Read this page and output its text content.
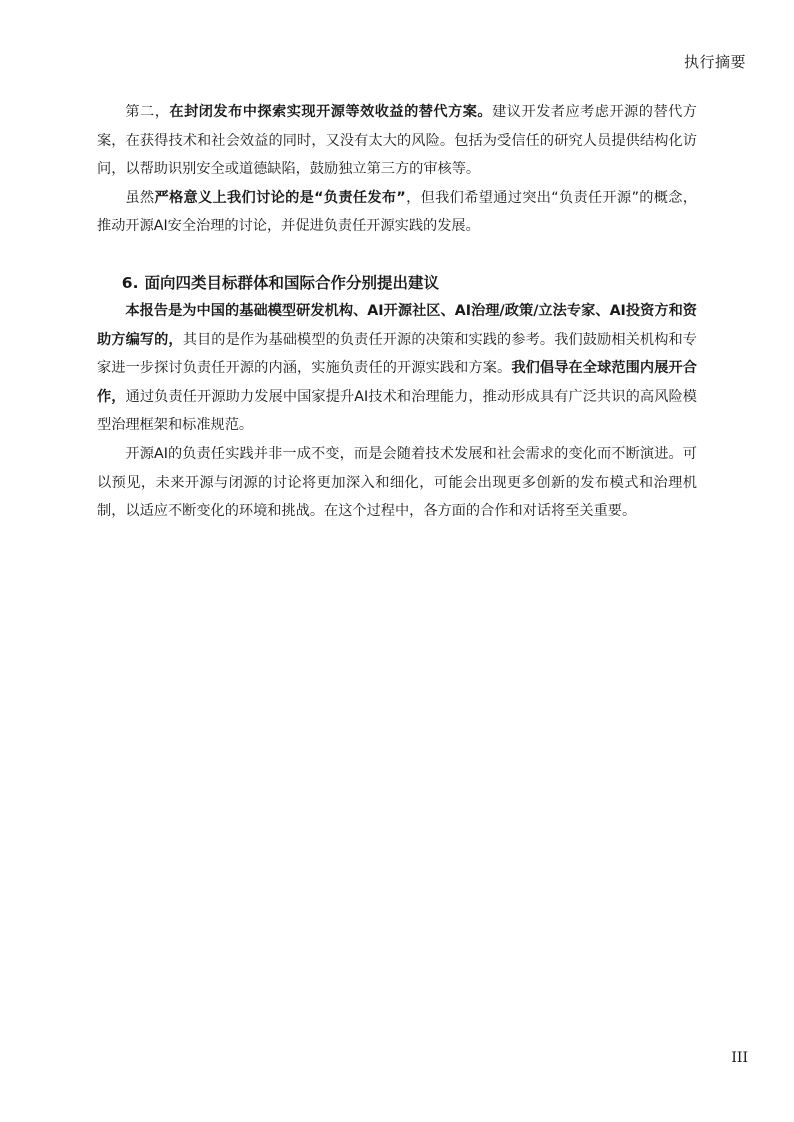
执行摘要

第二，在封闭发布中探索实现开源等效收益的替代方案。建议开发者应考虑开源的替代方案，在获得技术和社会效益的同时，又没有太大的风险。包括为受信任的研究人员提供结构化访问，以帮助识别安全或道德缺陷，鼓励独立第三方的审核等。

虽然严格意义上我们讨论的是“负责任发布”，但我们希望通过突出“负责任开源”的概念，推动开源AI安全治理的讨论，并促进负责任开源实践的发展。

6. 面向四类目标群体和国际合作分别提出建议

本报告是为中国的基础模型研发机构、AI开源社区、AI治理/政策/立法专家、AI投资方和资助方编写的，其目的是作为基础模型的负责任开源的决策和实践的参考。我们鼓励相关机构和专家进一步探讨负责任开源的内涵，实施负责任的开源实践和方案。我们倡导在全球范围内展开合作，通过负责任开源助力发展中国家提升AI技术和治理能力，推动形成具有广泛共识的高风险模型治理框架和标准规范。

开源AI的负责任实践并非一成不变，而是会随着技术发展和社会需求的变化而不断演进。可以预见，未来开源与闭源的讨论将更加深入和细化，可能会出现更多创新的发布模式和治理机制，以适应不断变化的环境和挑战。在这个过程中，各方面的合作和对话将至关重要。

III
